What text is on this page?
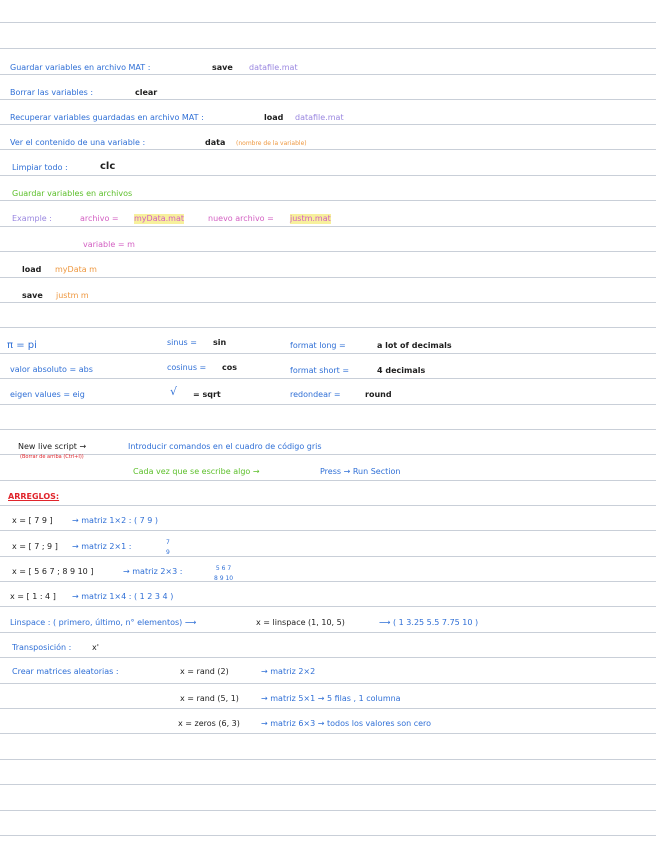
Guardar variables en archivo MAT :	save datafile.mat
Borrar las variables :	clear
Recuperar variables guardadas en archivo MAT :	load datafile.mat
Ver el contenido de una variable :	data (nombre de la variable)
Limpiar todo :	clc
Guardar variables en archivos
Example :	archivo = myData.mat	nuevo archivo = justm.mat
variable = m
load myData m
save justm m
π = pi	sinus = sin	format long =	a lot of decimals
valor absoluto = abs	cosinus = cos	format short =	4 decimals
eigen values = eig	√ = sqrt	redondear =	round
New live script →	Introducir comandos en el cuadro de código gris
(Borrar de arriba (Ctrl+I))
Cada vez que se escribe algo →	Press → Run Section
ARREGLOS:
x = [ 7 9 ] → matriz 1×2 : ( 7 9 )
x = [ 7 ; 9 ] → matriz 2×1 :	7
9
x = [ 5 6 7 ; 8 9 10 ]	→ matriz 2×3 :	5 6 7
8 9 10
x = [ 1 : 4 ] → matriz 1×4 : ( 1 2 3 4 )
Linspace : ( primero, último, n° elementos) ⟶	x = linspace (1, 10, 5)	⟶ ( 1 3.25 5.5 7.75 10 )
Transposición :	x'
Crear matrices aleatorias :	x = rand (2)	→ matriz 2×2
x = rand (5, 1)	→ matriz 5×1 → 5 filas , 1 columna
x = zeros (6, 3)	→ matriz 6×3 → todos los valores son cero
